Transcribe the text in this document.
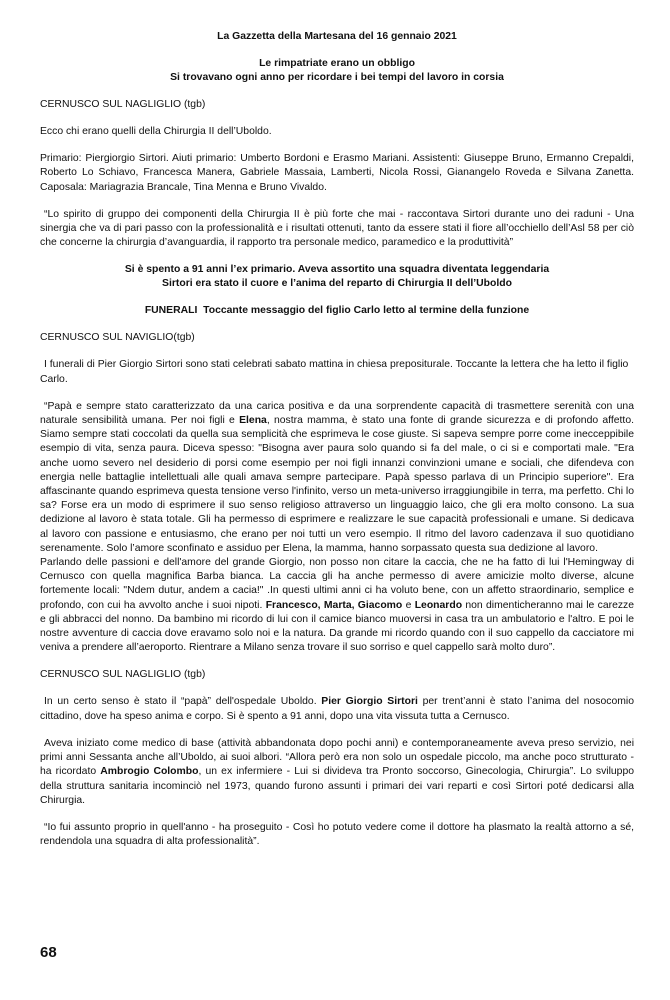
La Gazzetta della Martesana del 16 gennaio 2021
Le rimpatriate erano un obbligo
Si trovavano ogni anno per ricordare i bei tempi del lavoro in corsia
CERNUSCO SUL NAGLIGLIO (tgb)

Ecco chi erano quelli della Chirurgia II dell’Uboldo.

Primario: Piergiorgio Sirtori. Aiuti primario: Umberto Bordoni e Erasmo Mariani. Assistenti: Giuseppe Bruno, Ermanno Crepaldi, Roberto Lo Schiavo, Francesca Manera, Gabriele Massaia, Lamberti, Nicola Rossi, Gianangelo Roveda e Silvana Zanetta. Caposala: Mariagrazia Brancale, Tina Menna e Bruno Vivaldo.

“Lo spirito di gruppo dei componenti della Chirurgia II è più forte che mai - raccontava Sirtori durante uno dei raduni - Una sinergia che va di pari passo con la professionalità e i risultati ottenuti, tanto da essere stati il fiore all’occhiello dell’Asl 58 per ciò che concerne la chirurgia d’avanguardia, il rapporto tra personale medico, paramedico e la produttività”

Si è spento a 91 anni l’ex primario. Aveva assortito una squadra diventata leggendaria
Sirtori era stato il cuore e l’anima del reparto di Chirurgia II dell’Uboldo
FUNERALI Toccante messaggio del figlio Carlo letto al termine della funzione
CERNUSCO SUL NAVIGLIO(tgb)

I funerali di Pier Giorgio Sirtori sono stati celebrati sabato mattina in chiesa prepositurale. Toccante la lettera che ha letto il figlio Carlo.

“Papà e sempre stato caratterizzato da una carica positiva e da una sorprendente capacità di trasmettere serenità con una naturale sensibilità umana. Per noi figli e Elena, nostra mamma, è stato una fonte di grande sicurezza e di profondo affetto. Siamo sempre stati coccolati da quella sua semplicità che esprimeva le cose giuste. Si sapeva sempre porre come inecceppibile esempio di vita, senza paura. Diceva spesso: "Bisogna aver paura solo quando si fa del male, o ci si e comportati male. "Era anche uomo severo nel desiderio di porsi come esempio per noi figli innanzi convinzioni umane e sociali, che difendeva con energia nelle battaglie intellettuali alle quali amava sempre partecipare. Papà spesso parlava di un Principio superiore". Era affascinante quando esprimeva questa tensione verso l'infinito, verso un meta-universo irraggiungibile in terra, ma perfetto. Chi lo sa? Forse era un modo di esprimere il suo senso religioso attraverso un linguaggio laico, che gli era molto consono. La sua dedizione al lavoro è stata totale. Gli ha permesso di esprimere e realizzare le sue capacità professionali e umane. Si dedicava al lavoro con passione e entusiasmo, che erano per noi tutti un vero esempio. Il ritmo del lavoro cadenzava il suo quotidiano serenamente. Solo l’amore sconfinato e assiduo per Elena, la mamma, hanno sorpassato questa sua dedizione al lavoro.

Parlando delle passioni e dell'amore del grande Giorgio, non posso non citare la caccia, che ne ha fatto di lui l'Hemingway di Cernusco con quella magnifica Barba bianca. La caccia gli ha anche permesso di avere amicizie molto diverse, alcune fortemente locali: "Ndem dutur, andem a cacia!" .In questi ultimi anni ci ha voluto bene, con un affetto straordinario, semplice e profondo, con cui ha avvolto anche i suoi nipoti. Francesco, Marta, Giacomo e Leonardo non dimenticheranno mai le carezze e gli abbracci del nonno. Da bambino mi ricordo di lui con il camice bianco muoversi in casa tra un ambulatorio e l'altro. E poi le nostre avventure di caccia dove eravamo solo noi e la natura. Da grande mi ricordo quando con il suo cappello da cacciatore mi veniva a prendere all’aeroporto. Rientrare a Milano senza trovare il suo sorriso e quel cappello sarà molto duro”.

CERNUSCO SUL NAGLIGLIO (tgb)

In un certo senso è stato il “papà” dell'ospedale Uboldo. Pier Giorgio Sirtori per trent’anni è stato l’anima del nosocomio cittadino, dove ha speso anima e corpo. Si è spento a 91 anni, dopo una vita vissuta tutta a Cernusco.

Aveva iniziato come medico di base (attività abbandonata dopo pochi anni) e contemporaneamente aveva preso servizio, nei primi anni Sessanta anche all’Uboldo, ai suoi albori. “Allora però era non solo un ospedale piccolo, ma anche poco strutturato - ha ricordato Ambrogio Colombo, un ex infermiere - Lui si divideva tra Pronto soccorso, Ginecologia, Chirurgia”. Lo sviluppo della struttura sanitaria incominciò nel 1973, quando furono assunti i primari dei vari reparti e così Sirtori poté dedicarsi alla Chirurgia.

“Io fui assunto proprio in quell'anno - ha proseguito - Così ho potuto vedere come il dottore ha plasmato la realtà attorno a sé, rendendola una squadra di alta professionalità”.

68
